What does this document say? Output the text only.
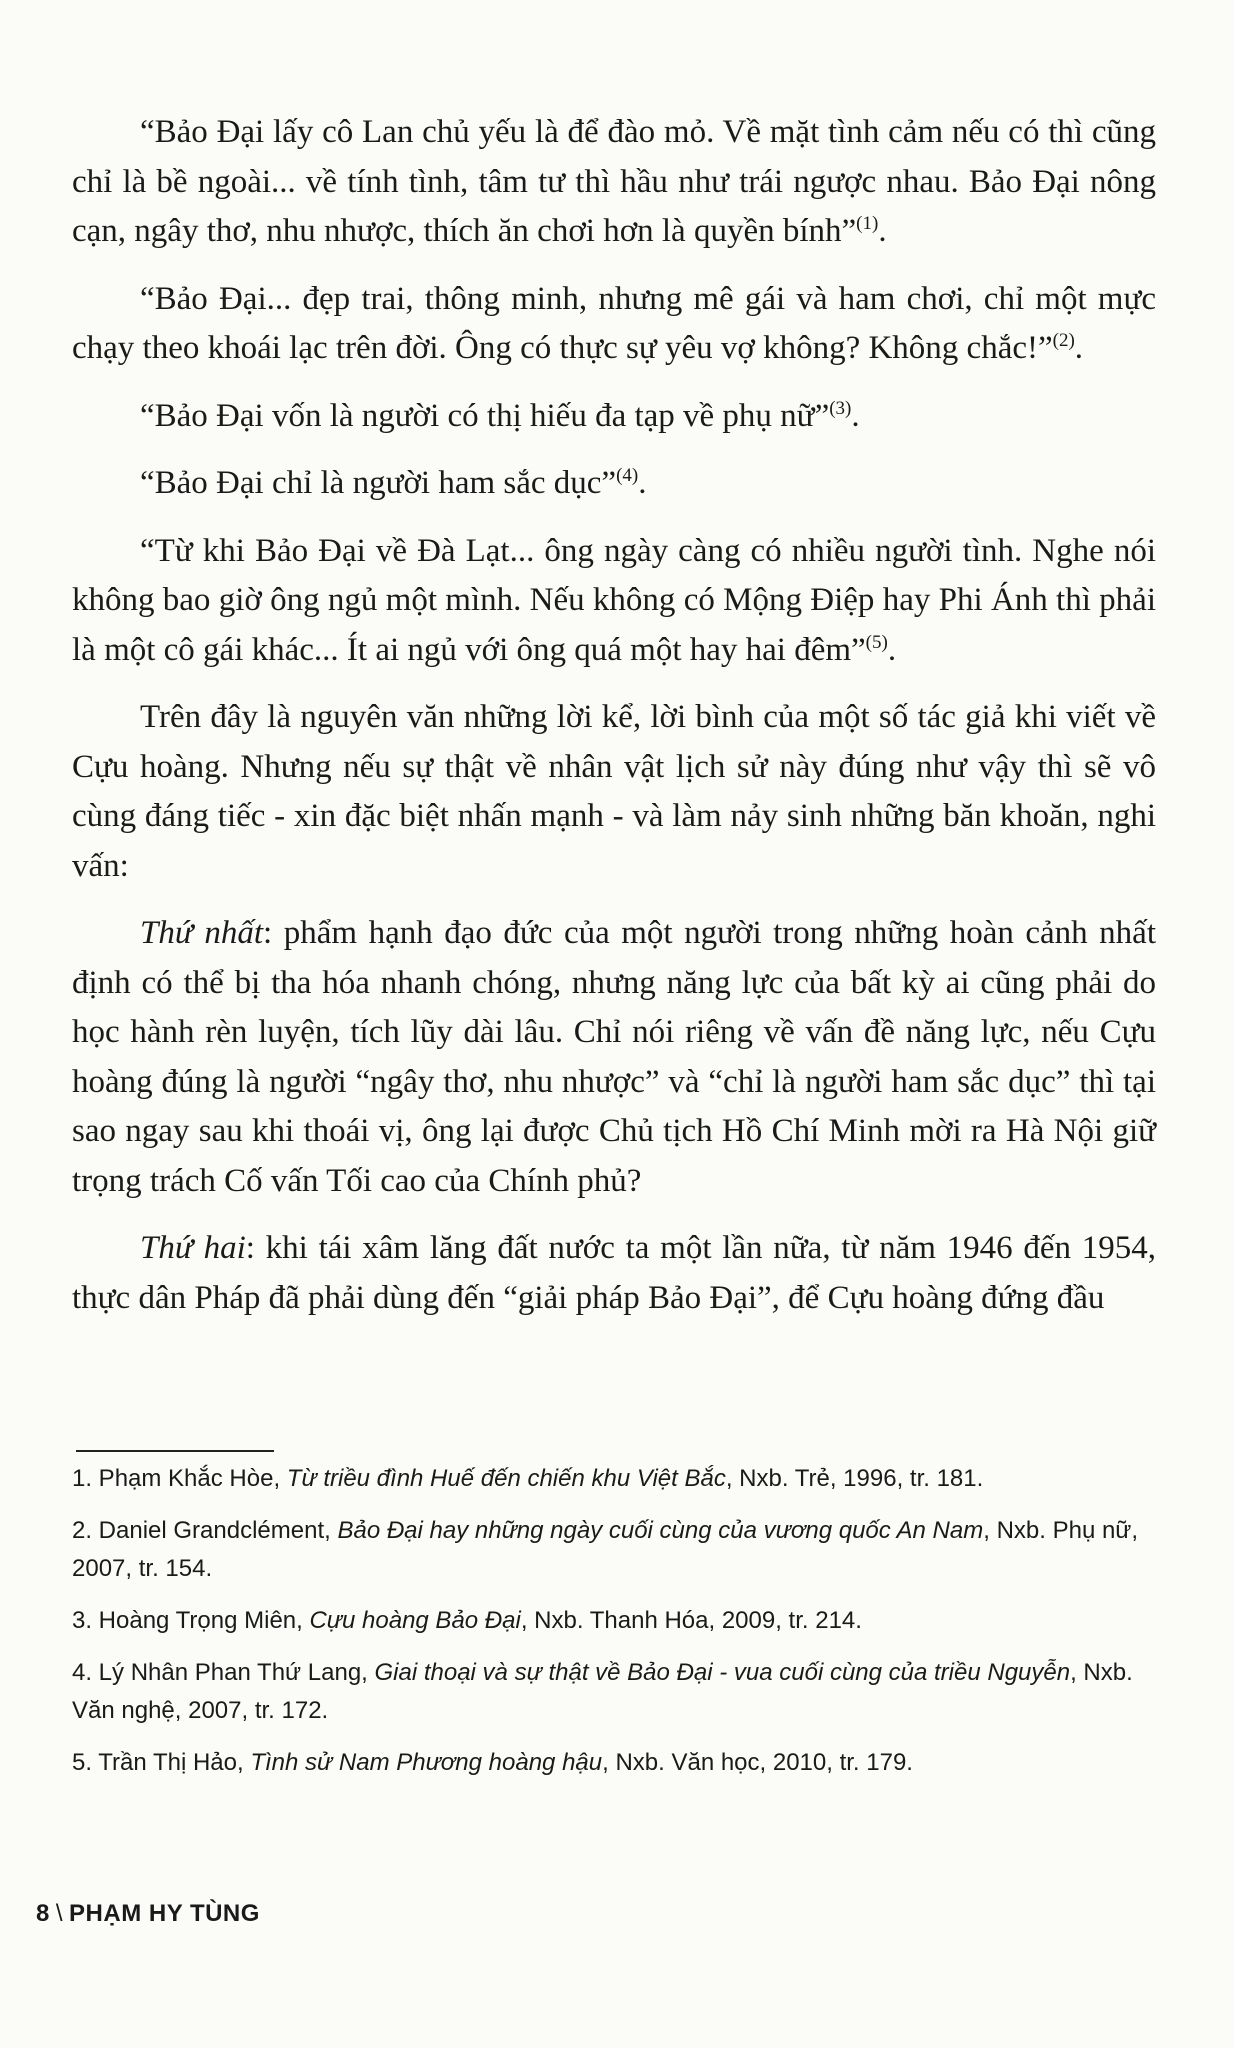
“Bảo Đại lấy cô Lan chủ yếu là để đào mỏ. Về mặt tình cảm nếu có thì cũng chỉ là bề ngoài... về tính tình, tâm tư thì hầu như trái ngược nhau. Bảo Đại nông cạn, ngây thơ, nhu nhược, thích ăn chơi hơn là quyền bính”$^{(1)}$.

“Bảo Đại... đẹp trai, thông minh, nhưng mê gái và ham chơi, chỉ một mực chạy theo khoái lạc trên đời. Ông có thực sự yêu vợ không? Không chắc!”$^{(2)}$.

“Bảo Đại vốn là người có thị hiếu đa tạp về phụ nữ”$^{(3)}$.

“Bảo Đại chỉ là người ham sắc dục”$^{(4)}$.

“Từ khi Bảo Đại về Đà Lạt... ông ngày càng có nhiều người tình. Nghe nói không bao giờ ông ngủ một mình. Nếu không có Mộng Điệp hay Phi Ánh thì phải là một cô gái khác... Ít ai ngủ với ông quá một hay hai đêm”$^{(5)}$.

Trên đây là nguyên văn những lời kể, lời bình của một số tác giả khi viết về Cựu hoàng. Nhưng nếu sự thật về nhân vật lịch sử này đúng như vậy thì sẽ vô cùng đáng tiếc - xin đặc biệt nhấn mạnh - và làm nảy sinh những băn khoăn, nghi vấn:

Thứ nhất: phẩm hạnh đạo đức của một người trong những hoàn cảnh nhất định có thể bị tha hóa nhanh chóng, nhưng năng lực của bất kỳ ai cũng phải do học hành rèn luyện, tích lũy dài lâu. Chỉ nói riêng về vấn đề năng lực, nếu Cựu hoàng đúng là người “ngây thơ, nhu nhược” và “chỉ là người ham sắc dục” thì tại sao ngay sau khi thoái vị, ông lại được Chủ tịch Hồ Chí Minh mời ra Hà Nội giữ trọng trách Cố vấn Tối cao của Chính phủ?

Thứ hai: khi tái xâm lăng đất nước ta một lần nữa, từ năm 1946 đến 1954, thực dân Pháp đã phải dùng đến “giải pháp Bảo Đại”, để Cựu hoàng đứng đầu

1. Phạm Khắc Hòe, Từ triều đình Huế đến chiến khu Việt Bắc, Nxb. Trẻ, 1996, tr. 181.
2. Daniel Grandclément, Bảo Đại hay những ngày cuối cùng của vương quốc An Nam, Nxb. Phụ nữ, 2007, tr. 154.
3. Hoàng Trọng Miên, Cựu hoàng Bảo Đại, Nxb. Thanh Hóa, 2009, tr. 214.
4. Lý Nhân Phan Thứ Lang, Giai thoại và sự thật về Bảo Đại - vua cuối cùng của triều Nguyễn, Nxb. Văn nghệ, 2007, tr. 172.
5. Trần Thị Hảo, Tình sử Nam Phương hoàng hậu, Nxb. Văn học, 2010, tr. 179.
8 \ PHẠM HY TÙNG
